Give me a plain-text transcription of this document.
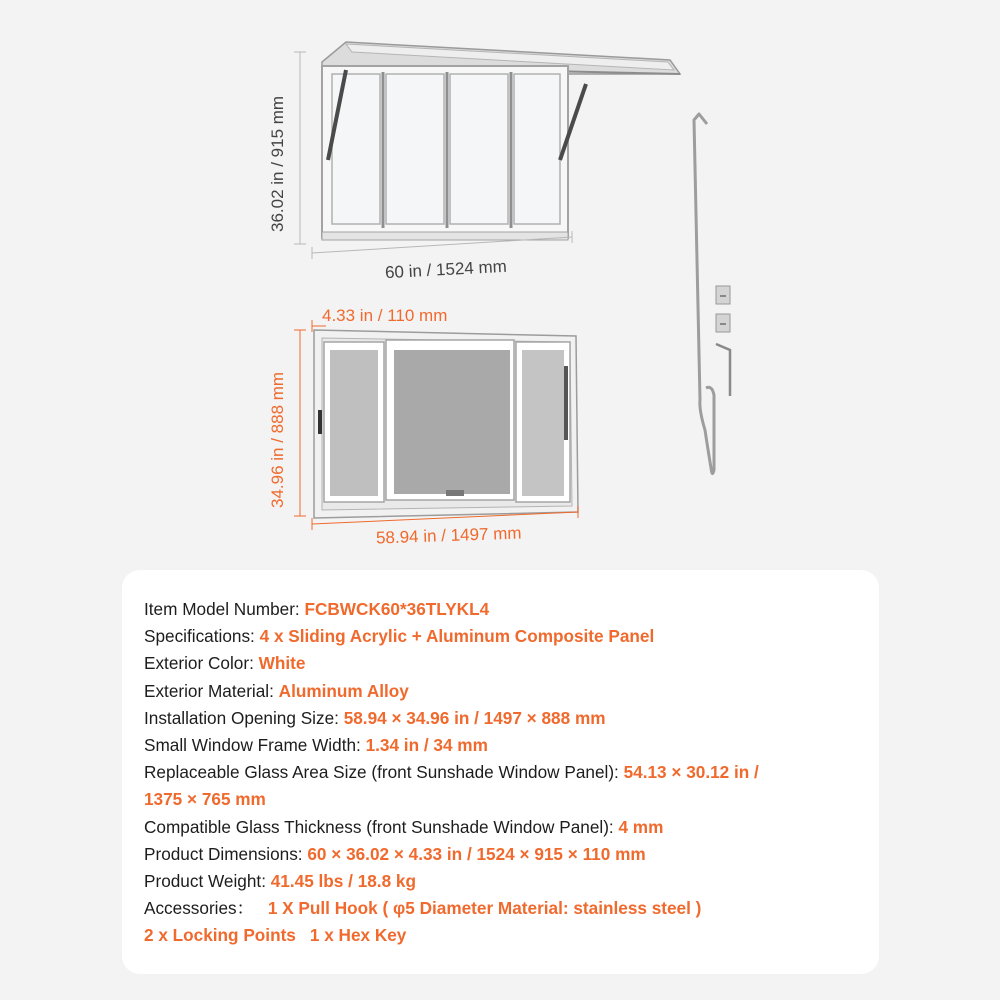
36.02 in / 915 mm
60 in / 1524 mm
4.33 in / 110 mm
34.96 in / 888 mm
58.94 in / 1497 mm
Item Model Number: FCBWCK60*36TLYKL4
Specifications: 4 x Sliding Acrylic + Aluminum Composite Panel
Exterior Color: White
Exterior Material: Aluminum Alloy
Installation Opening Size: 58.94 × 34.96 in / 1497 × 888 mm
Small Window Frame Width: 1.34 in / 34 mm
Replaceable Glass Area Size (front Sunshade Window Panel): 54.13 × 30.12 in /
1375 × 765 mm
Compatible Glass Thickness (front Sunshade Window Panel): 4 mm
Product Dimensions: 60 × 36.02 × 4.33 in / 1524 × 915 × 110 mm
Product Weight: 41.45 lbs / 18.8 kg
Accessories： 1 X Pull Hook ( φ5 Diameter Material: stainless steel )
2 x Locking Points 1 x Hex Key
